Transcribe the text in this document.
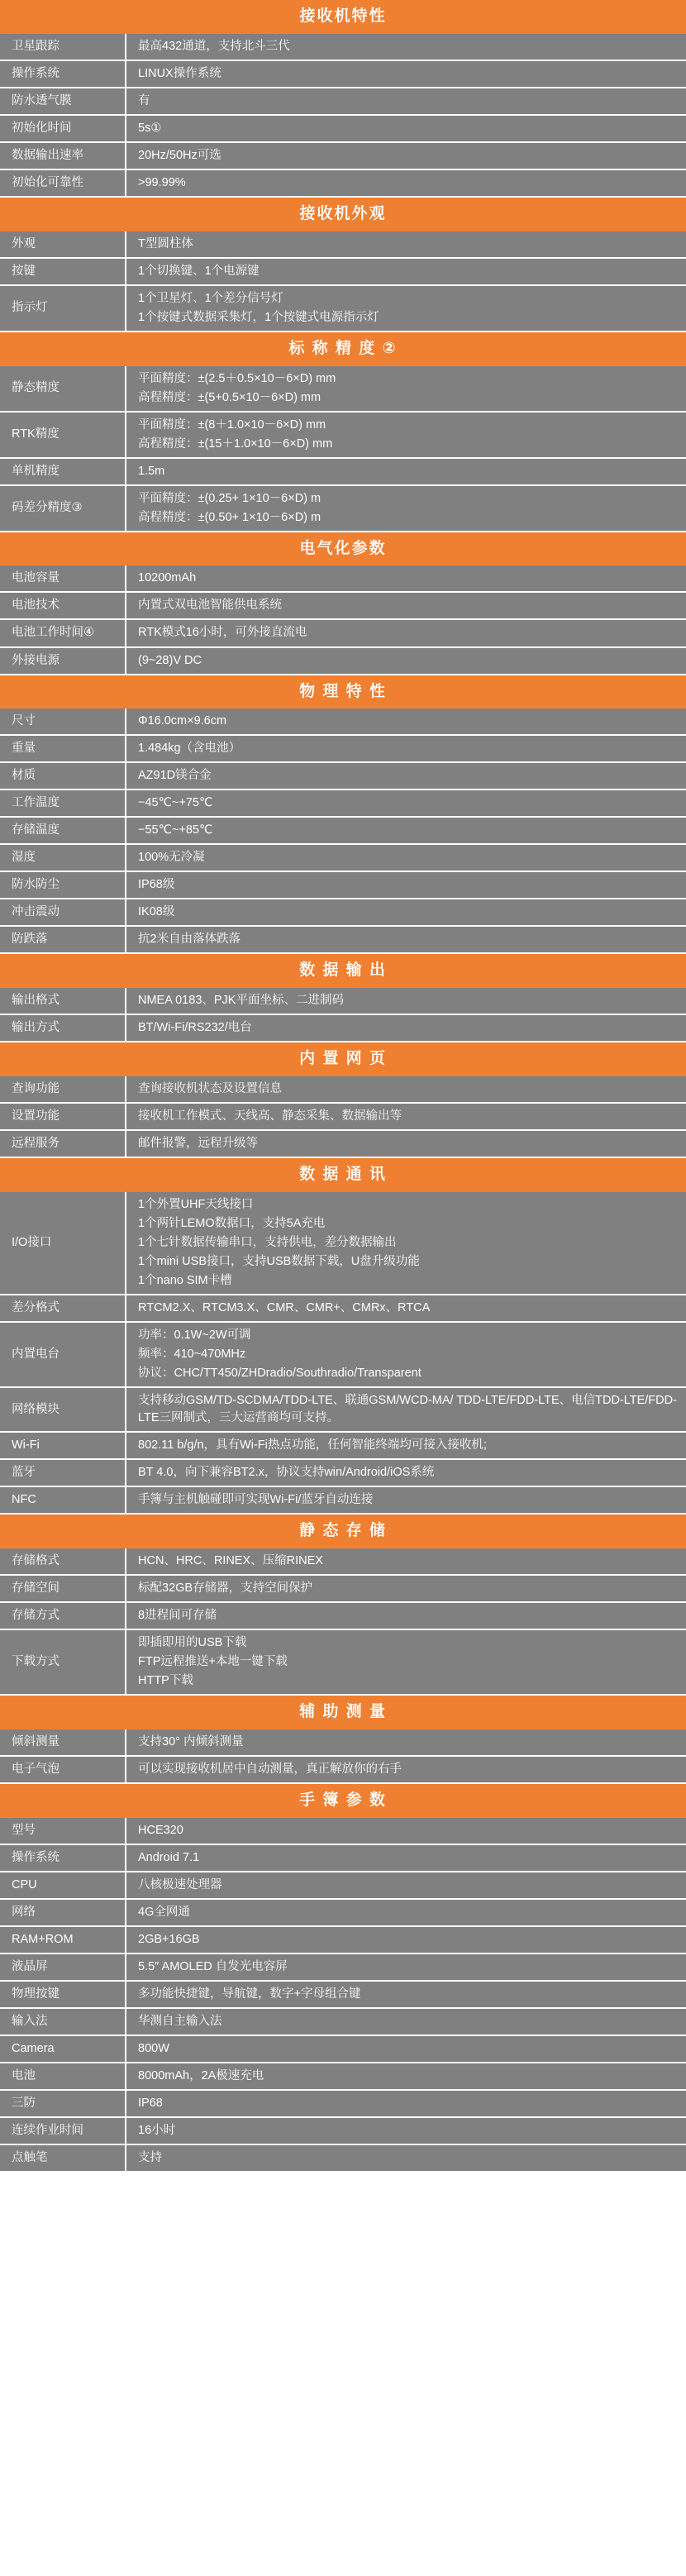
接收机特性
卫星跟踪	最高432通道，支持北斗三代

操作系统	LINUX操作系统

防水透气膜	有

初始化时间	5s①

数据输出速率	20Hz/50Hz可选

初始化可靠性	>99.99%
接收机外观
外观	T型圆柱体

按键	1个切换键、1个电源键

指示灯	1个卫星灯、1个差分信号灯
1个按键式数据采集灯，1个按键式电源指示灯
标 称 精 度 ②
静态精度	平面精度：±(2.5＋0.5×10－6×D) mm
高程精度：±(5+0.5×10－6×D) mm

RTK精度	平面精度：±(8＋1.0×10－6×D) mm
高程精度：±(15＋1.0×10－6×D) mm

单机精度	1.5m

码差分精度③	平面精度：±(0.25+ 1×10－6×D) m
高程精度：±(0.50+ 1×10－6×D) m
电气化参数
电池容量	10200mAh

电池技术	内置式双电池智能供电系统

电池工作时间④	RTK模式16小时，可外接直流电

外接电源	(9~28)V DC
物 理 特 性
尺寸	Φ16.0cm×9.6cm

重量	1.484kg（含电池）

材质	AZ91D镁合金

工作温度	−45℃~+75℃

存储温度	−55℃~+85℃

湿度	100%无冷凝

防水防尘	IP68级

冲击震动	IK08级

防跌落	抗2米自由落体跌落
数 据 输 出
输出格式	NMEA 0183、PJK平面坐标、二进制码

输出方式	BT/Wi-Fi/RS232/电台
内 置 网 页
查询功能	查询接收机状态及设置信息

设置功能	接收机工作模式、天线高、静态采集、数据输出等

远程服务	邮件报警，远程升级等
数 据 通 讯
I/O接口	1个外置UHF天线接口
1个两针LEMO数据口，支持5A充电
1个七针数据传输串口，支持供电，差分数据输出
1个mini USB接口，支持USB数据下载，U盘升级功能
1个nano SIM卡槽

差分格式	RTCM2.X、RTCM3.X、CMR、CMR+、CMRx、RTCA

内置电台	功率：0.1W~2W可调
频率：410~470MHz
协议：CHC/TT450/ZHDradio/Southradio/Transparent

网络模块	支持移动GSM/TD-SCDMA/TDD-LTE、联通GSM/WCD-MA/ TDD-LTE/FDD-LTE、电信TDD-LTE/FDD-LTE三网制式，三大运营商均可支持。

Wi-Fi	802.11 b/g/n，具有Wi-Fi热点功能，任何智能终端均可接入接收机;

蓝牙	BT 4.0，向下兼容BT2.x，协议支持win/Android/iOS系统

NFC	手簿与主机触碰即可实现Wi-Fi/蓝牙自动连接
静 态 存 储
存储格式	HCN、HRC、RINEX、压缩RINEX

存储空间	标配32GB存储器，支持空间保护

存储方式	8进程间可存储

下载方式	即插即用的USB下载
FTP远程推送+本地一键下载
HTTP下载
辅 助 测 量
倾斜测量	支持30° 内倾斜测量

电子气泡	可以实现接收机居中自动测量，真正解放你的右手
手 簿 参 数
型号	HCE320

操作系统	Android 7.1

CPU	八核极速处理器

网络	4G全网通

RAM+ROM	2GB+16GB

液晶屏	5.5″ AMOLED 自发光电容屏

物理按键	多功能快捷键，导航键，数字+字母组合键

输入法	华测自主输入法

Camera	800W

电池	8000mAh，2A极速充电

三防	IP68

连续作业时间	16小时

点触笔	支持
